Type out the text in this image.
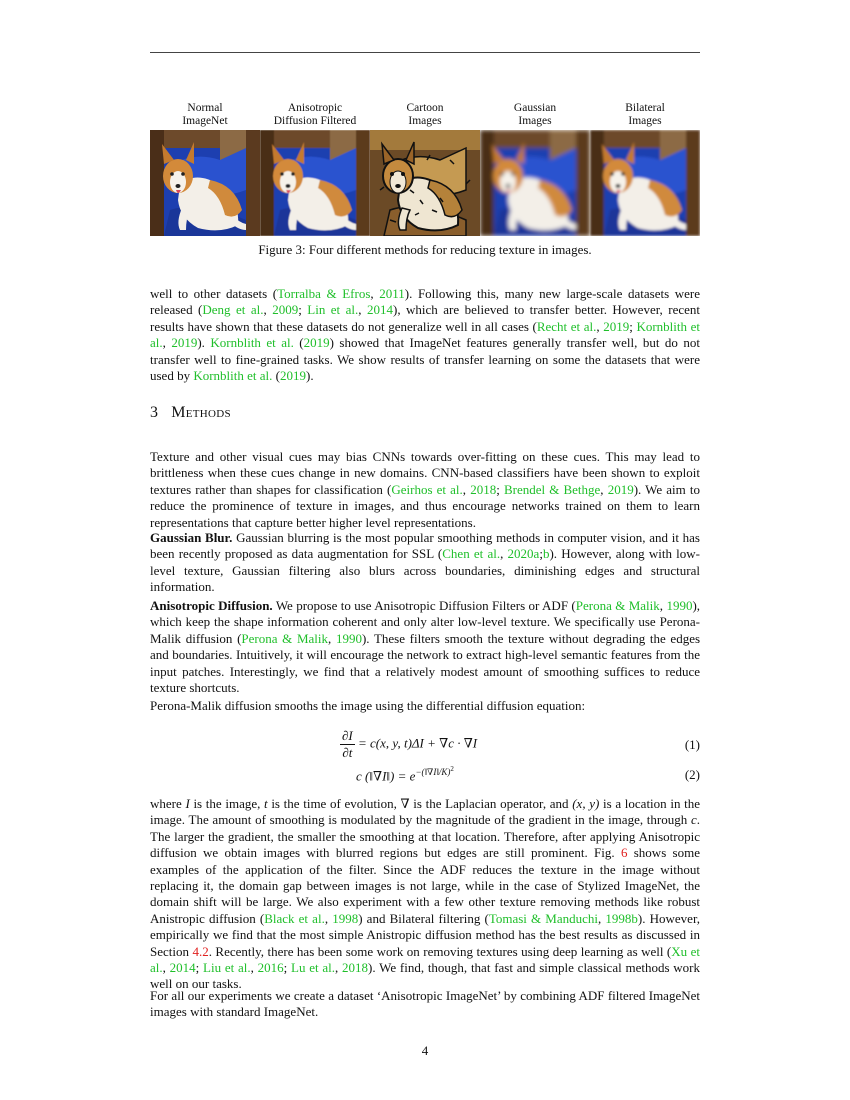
Normal
ImageNet
Anisotropic
Diffusion Filtered
Cartoon
Images
Gaussian
Images
Bilateral
Images
Figure 3: Four different methods for reducing texture in images.
well to other datasets (Torralba & Efros, 2011). Following this, many new large-scale datasets were released (Deng et al., 2009; Lin et al., 2014), which are believed to transfer better. However, recent results have shown that these datasets do not generalize well in all cases (Recht et al., 2019; Kornblith et al., 2019). Kornblith et al. (2019) showed that ImageNet features generally transfer well, but do not transfer well to fine-grained tasks. We show results of transfer learning on some the datasets that were used by Kornblith et al. (2019).
3 Methods
Texture and other visual cues may bias CNNs towards over-fitting on these cues. This may lead to brittleness when these cues change in new domains. CNN-based classifiers have been shown to exploit textures rather than shapes for classification (Geirhos et al., 2018; Brendel & Bethge, 2019). We aim to reduce the prominence of texture in images, and thus encourage networks trained on them to learn representations that capture better higher level representations.
Gaussian Blur. Gaussian blurring is the most popular smoothing methods in computer vision, and it has been recently proposed as data augmentation for SSL (Chen et al., 2020a;b). However, along with low-level texture, Gaussian filtering also blurs across boundaries, diminishing edges and structural information.
Anisotropic Diffusion. We propose to use Anisotropic Diffusion Filters or ADF (Perona & Malik, 1990), which keep the shape information coherent and only alter low-level texture. We specifically use Perona-Malik diffusion (Perona & Malik, 1990). These filters smooth the texture without degrading the edges and boundaries. Intuitively, it will encourage the network to extract high-level semantic features from the input patches. Interestingly, we find that a relatively modest amount of smoothing suffices to reduce texture shortcuts.
Perona-Malik diffusion smooths the image using the differential diffusion equation:
$\frac{\partial I}{\partial t} = c(x$, y, t)ΔI + ∇c · ∇I	(1)
c (‖∇I‖) = $e^{-(‖\nabla I‖/K)^2}$	(2)
where I is the image, t is the time of evolution, ∇ is the Laplacian operator, and (x, y) is a location in the image. The amount of smoothing is modulated by the magnitude of the gradient in the image, through c. The larger the gradient, the smaller the smoothing at that location. Therefore, after applying Anisotropic diffusion we obtain images with blurred regions but edges are still prominent. Fig. 6 shows some examples of the application of the filter. Since the ADF reduces the texture in the image without replacing it, the domain gap between images is not large, while in the case of Stylized ImageNet, the domain shift will be large. We also experiment with a few other texture removing methods like robust Anistropic diffusion (Black et al., 1998) and Bilateral filtering (Tomasi & Manduchi, 1998b). However, empirically we find that the most simple Anistropic diffusion method has the best results as discussed in Section 4.2. Recently, there has been some work on removing textures using deep learning as well (Xu et al., 2014; Liu et al., 2016; Lu et al., 2018). We find, though, that fast and simple classical methods work well on our tasks.
For all our experiments we create a dataset ‘Anisotropic ImageNet’ by combining ADF filtered ImageNet images with standard ImageNet.
4
